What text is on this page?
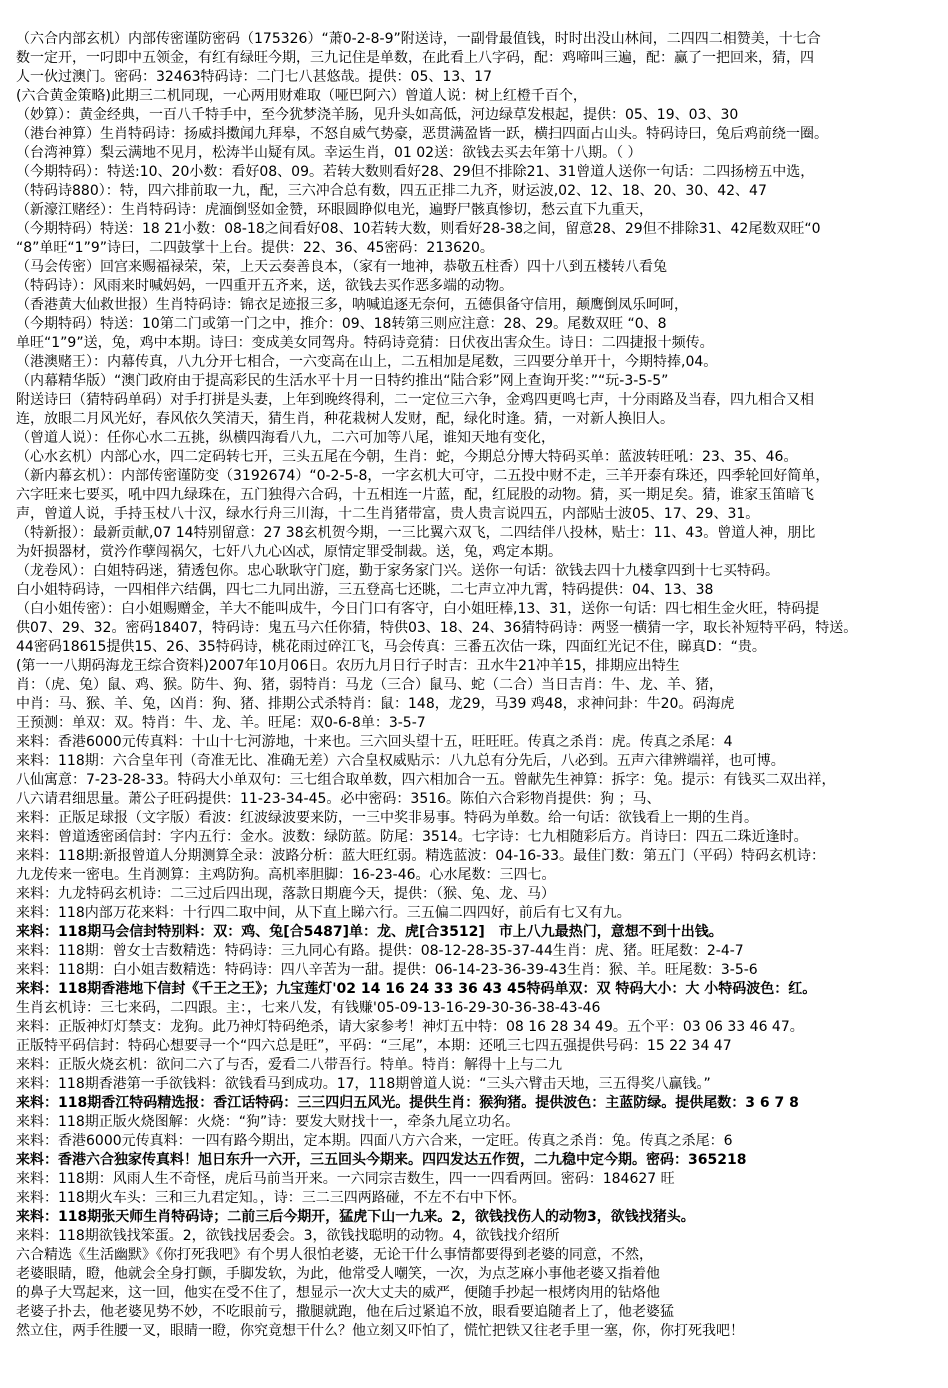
（六合内部玄机）内部传密谨防密码（175326）“萧0-2-8-9”附送诗，一副骨最值钱，时时出没山林间，二四四二相赞美，十七合
数一定开，一叼即中五领金，有红有绿旺今期，三九记住是单数，在此看上八字码，配：鸡啼叫三遍，配：赢了一把回来，猜，四
人一伙过澳门。密码：32463特码诗：二门七八甚悠哉。提供：05、13、17
(六合黄金策略)此期三二机同现，一心两用财难取（哑巴阿六）曾道人说：树上红橙千百个，
（妙算）：黄金经典，一百八千特手中，至今犹梦浇羊肠，见升头如高低，河边绿草发根起，提供：05、19、03、30
（港台神算）生肖特码诗：扬威抖擞闻九拜皋，不怒自威气势豪，恶贯满盈皆一跃，横扫四面占山头。特码诗曰，兔后鸡前绕一圈。
（台湾神算）梨云满地不见月，松涛半山疑有凤。幸运生肖，01 02送：欲钱去买去年第十八期。（ ）
（今期特码）：特送:10、20小数：看好08、09。若转大数则看好28、29但不排除21、31曾道人送你一句话：二四扬榜五中选，
（特码诗880）：特，四六排前取一九，配，三六冲合总有数，四五正排二九齐，财运波,02、12、18、20、30、42、47
（新濠江赌经）：生肖特码诗：虎湎倒竖如金赞，环眼圆睁似电光，遍野尸骸真惨切，愁云直下九重天，
（今期特码）特送：18 21小数：08-18之间看好08、10若转大数，则看好28-38之间，留意28、29但不排除31、42尾数双旺“0
“8”单旺“1”9”诗曰，二四鼓掌十上台。提供：22、36、45密码：213620。
（马会传密）回宫来赐福禄荣，荣，上天云奏善良本，（家有一地神，恭敬五柱香）四十八到五楼转八看兔
（特码诗）：风雨来时喊妈妈，一四重开五齐来，送，欲钱去买作恶多端的动物。
（香港黄大仙救世报）生肖特码诗：锦衣足迹报三多，呐喊追逐无奈何，五德俱备守信用，颠鹰倒凤乐呵呵，
（今期特码）特送：10第二门或第一门之中，推介：09、18转第三则应注意：28、29。尾数双旺 “0、8
单旺“1”9”送，兔，鸡中本期。诗曰：变成美女同驾舟。特码诗竞猜：日伏夜出害众生。诗日：二四捷报十频传。
（港澳赌王）：内幕传真，八九分开七相合，一六变高在山上，二五相加是尾数，三四要分单开十，今期特捧,04。
（内幕精华版）“澳门政府由于提高彩民的生活水平十月一日特约推出“陆合彩”网上查询开奖：”“玩-3-5-5”
附送诗曰（猜特码单码）对手打拼是头妻，上年到晚终得利，二一定位三六争，金鸡四更鸣七声，十分雨路及当春，四九相合又相
连，放眼二月风光好，春风依久笑清天，猜生肖，种花栽树人发财，配，绿化时逢。猜，一对新人换旧人。
（曾道人说）：任你心水二五挑，纵横四海看八九，二六可加等八尾，谁知天地有变化，
（心水玄机）内部心水，四二定码转七开，三头五尾在今朝，生肖：蛇，今期总分博大特码买单：蓝波转旺吼：23、35、46。
（新内幕玄机）：内部传密谨防变（3192674）“0-2-5-8，一字玄机大可守，二五投中财不走，三羊开泰有珠还，四季轮回好简单，
六字旺来七要买，吼中四九绿珠在，五门独得六合码，十五相连一片蓝，配，红屁股的动物。猜，买一期足矣。猜，谁家玉笛暗飞
声，曾道人说，手持玉杖八十汉，绿水行舟三川海，十二生肖猪带富，贵人贵言说四五，内部贴士波05、17、29、31。
（特新报）：最新贡献,07 14特别留意：27 38玄机贺今期，一三比翼六双飞，二四结伴八投林，贴士：11、43。曾道人神，朋比
为奸损器材，赏汵作孽闯祸欠，七奸八九心凶忒，原情定罪受制裁。送，兔，鸡定本期。
（龙卷风）：白姐特码迷，猜透包你。忠心耿耿守门庭，勤于家务家门兴。送你一句话：欲钱去四十九楼拿四到十七买特码。
白小姐特码诗，一四相伴六结偶，四七二九同出游，三五登高七还眺，二七声立冲九霄，特码提供：04、13、38
（白小姐传密）：白小姐赐赠金，羊大不能叫成牛，今日门口有客守，白小姐旺棒,13、31，送你一句话：四七相生金火旺，特码提
供07、29、32。密码18407，特码诗：鬼五马六任你猜，特供03、18、24、36猜特码诗：两竖一横猜一字，取长补短特平码，特送。
44密码18615提供15、26、35特码诗，桃花雨过碎江飞，马会传真：三番五次估一珠，四面红光记不住，睇真D：“贵。
(第一一八期码海龙王综合资料)2007年10月06日。农历九月日行子时吉：丑水牛21冲羊15，排期应出特生
肖：（虎、兔）鼠、鸡、猴。防牛、狗、猪，弱特肖：马龙（三合）鼠马、蛇（二合）当日吉肖：牛、龙、羊、猪，
中肖：马、猴、羊、兔，凶肖：狗、猪、排期公式杀特肖：鼠：148，龙29，马39 鸡48，求神问卦：牛20。码海虎
王预测：单双：双。特肖：牛、龙、羊。旺尾：双0-6-8单：3-5-7
来料：香港6000元传真料：十山十七河游地，十来也。三六回头望十五，旺旺旺。传真之杀肖：虎。传真之杀尾：4
来料：118期：六合皇年刊（奇准无比、准确无差）六合皇权威贴示：八九总有分先后，八必到。五声六律辨端祥，也可博。
八仙寓意：7-23-28-33。特码大小单双句：三七组合取单数，四六相加合一五。曾献先生神算：拆字：兔。提示：有钱买二双出祥，
八六请君细思量。萧公子旺码提供：11-23-34-45。必中密码：3516。陈伯六合彩物肖提供：狗 ；马、
来料：正版足球报（文字版）看波：红波绿波要来防，一三中奖非易事。特码为单数。给一句话：欲钱看上一期的生肖。
来料：曾道透密函信封：字内五行：金水。波数：绿防蓝。防尾：3514。七字诗：七九相随彩后方。肖诗曰：四五二珠近逢时。
来料：118期:新报曾道人分期测算全录：波路分析：蓝大旺红弱。精选蓝波：04-16-33。最佳门数：第五门（平码）特码玄机诗：
九龙传来一密电。生肖测算：主鸡防狗。高机率胆脚：16-23-46。心水尾数：三四七。
来料：九龙特码玄机诗：二三过后四出现，落款日期鹿今天，提供：（猴、兔、龙、马）
来料：118内部万花来料：十行四二取中间，从下直上睇六行。三五偏二四四好，前后有七又有九。
来料：118期马会信封特别料：双：鸡、兔[合5487]单：龙、虎[合3512]　市上八九最热门，意想不到十出钱。
来料：118期：曾女士吉数精选：特码诗：三九同心有路。提供：08-12-28-35-37-44生肖：虎、猪。旺尾数：2-4-7
来料：118期：白小姐吉数精选：特码诗：四八辛苦为一甜。提供：06-14-23-36-39-43生肖：猴、羊。旺尾数：3-5-6
来料：118期香港地下信封《千王之王》；九宝莲灯'02 14 16 24 33 36 43 45特码单双：双 特码大小：大 小特码波色：红。
生肖玄机诗：三七来码，二四跟。主：，七来八发，有钱赚'05-09-13-16-29-30-36-38-43-46
来料：正版神灯灯禁支：龙狗。此乃神灯特码绝杀，请大家参考！神灯五中特：08 16 28 34 49。五个平：03 06 33 46 47。
正版特平码信封：特码心想要寻一个“四六总是旺”，平码：“三尾”，本期：还吼三七四五强提供号码：15 22 34 47
来料：正版火烧玄机：欲问二六了与否，爱看二八带吾行。特单。特肖：解得十上与二九
来料：118期香港第一手欲钱料：欲钱看马到成功。17，118期曾道人说：“三头六臂击天地，三五得奖八赢钱。”
来料：118期香江特码精选报：香江话特码：三三四归五风光。提供生肖：猴狗猪。提供波色：主蓝防绿。提供尾数：3 6 7 8
来料：118期正版火烧图解：火烧：“狗”诗：要发大财找十一，牵条九尾立功名。
来料：香港6000元传真料：一四有路今期出，定本期。四面八方六合来，一定旺。传真之杀肖：兔。传真之杀尾：6
来料：香港六合独家传真料！旭日东升一六开，三五回头今期来。四四发达五作贺，二九稳中定今期。密码：365218
来料：118期：风雨人生不奇怪，虎后马前当开来。一六同宗吉数生，四一一四看两回。密码：184627 旺
来料：118期火车头：三和三九君定知。，诗：三二三四两路碰，不左不右中下怀。
来料：118期张天师生肖特码诗；二前三后今期开，猛虎下山一九来。2，欲钱找伤人的动物3，欲钱找猪头。
来料：118期欲钱找笨蛋。2，欲钱找居委会。3，欲钱找聪明的动物。4，欲钱找介绍所
六合精选《生活幽默》《你打死我吧》有个男人很怕老婆，无论干什么事情都要得到老婆的同意，不然，
老婆眼睛，瞪，他就会全身打颤，手脚发软，为此，他常受人嘲笑，一次，为点芝麻小事他老婆又指着他
的鼻子大骂起来，这一回，他实在受不住了，想显示一次大丈夫的威严，便随手抄起一根烤肉用的钻烙他
老婆子扑去，他老婆见势不妙，不吃眼前亏，撒腿就跑，他在后过紧追不放，眼看要追随者上了，他老婆猛
然立住，两手徃腰一叉，眼睛一瞪，你究竟想干什么？他立刻又吓怕了，慌忙把铁又往老手里一塞，你，你打死我吧！
